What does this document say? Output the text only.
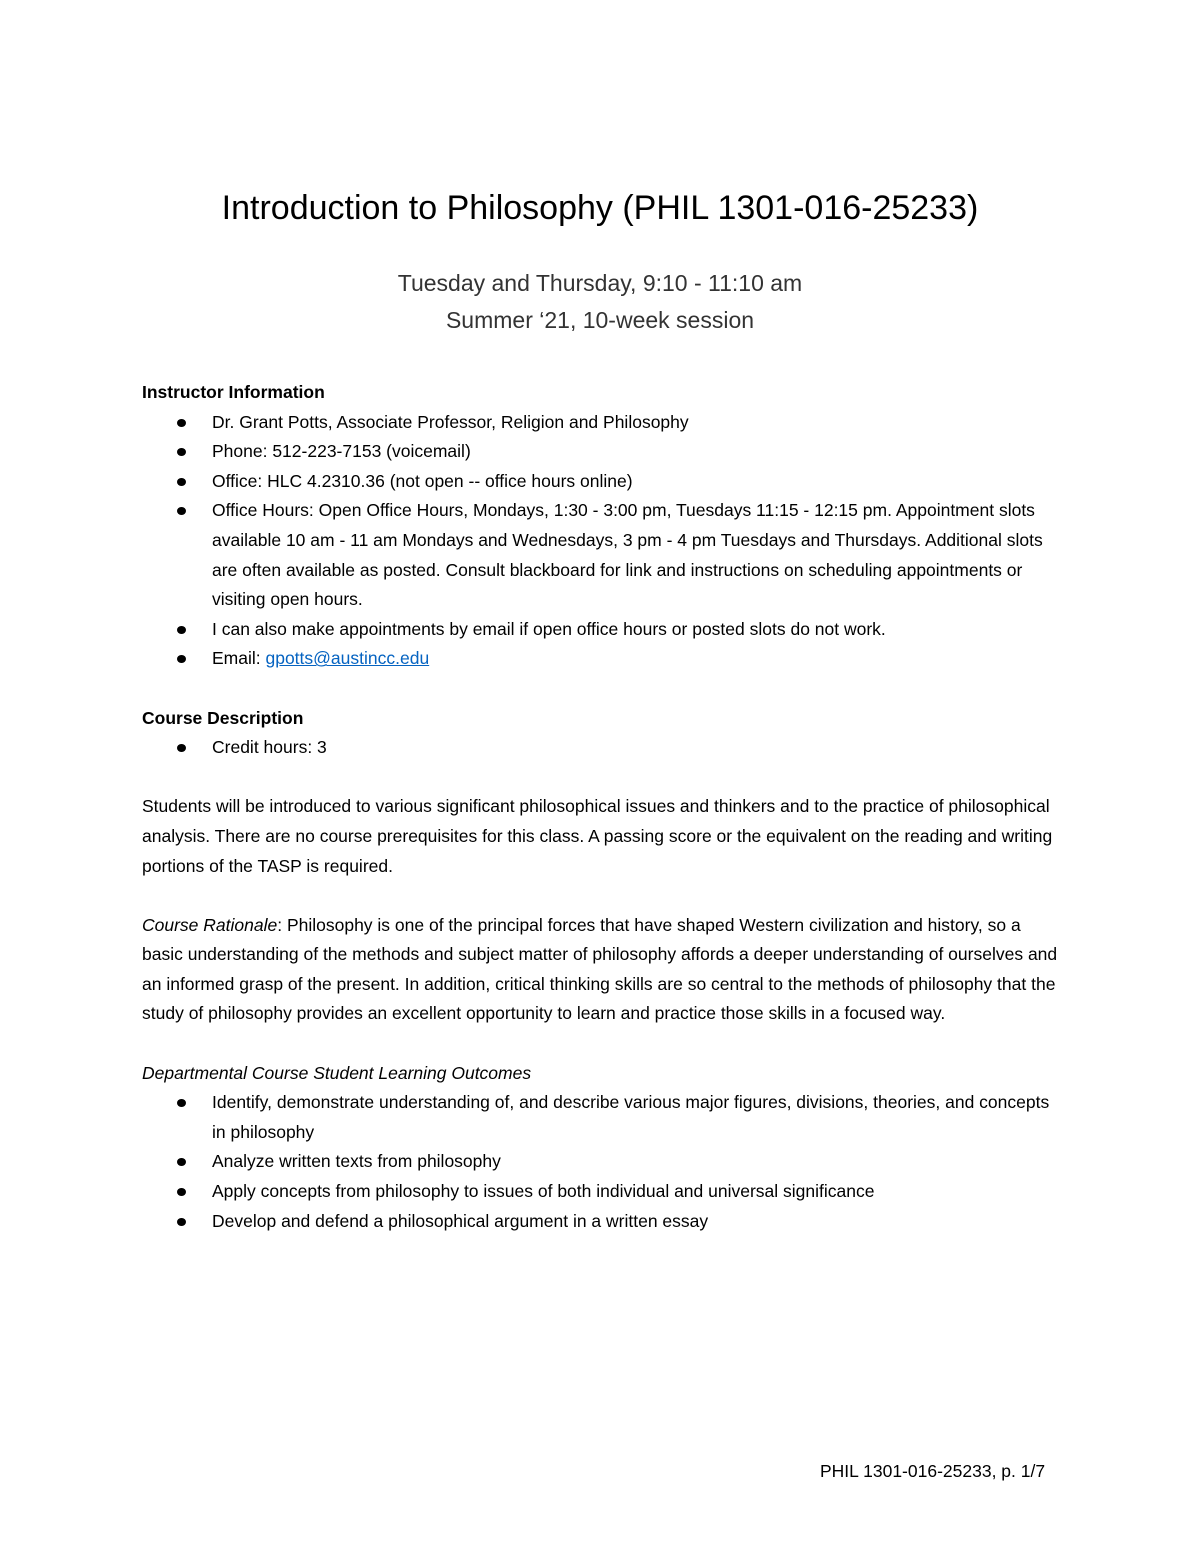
Introduction to Philosophy (PHIL 1301-016-25233)
Tuesday and Thursday, 9:10 - 11:10 am
Summer ‘21, 10-week session
Instructor Information
Dr. Grant Potts, Associate Professor, Religion and Philosophy
Phone: 512-223-7153 (voicemail)
Office: HLC 4.2310.36 (not open -- office hours online)
Office Hours: Open Office Hours, Mondays, 1:30 - 3:00 pm, Tuesdays 11:15 - 12:15 pm. Appointment slots available 10 am - 11 am Mondays and Wednesdays, 3 pm - 4 pm Tuesdays and Thursdays. Additional slots are often available as posted. Consult blackboard for link and instructions on scheduling appointments or visiting open hours.
I can also make appointments by email if open office hours or posted slots do not work.
Email: gpotts@austincc.edu
Course Description
Credit hours: 3

Students will be introduced to various significant philosophical issues and thinkers and to the practice of philosophical analysis. There are no course prerequisites for this class. A passing score or the equivalent on the reading and writing portions of the TASP is required.

Course Rationale: Philosophy is one of the principal forces that have shaped Western civilization and history, so a basic understanding of the methods and subject matter of philosophy affords a deeper understanding of ourselves and an informed grasp of the present. In addition, critical thinking skills are so central to the methods of philosophy that the study of philosophy provides an excellent opportunity to learn and practice those skills in a focused way.

Departmental Course Student Learning Outcomes
Identify, demonstrate understanding of, and describe various major figures, divisions, theories, and concepts in philosophy
Analyze written texts from philosophy
Apply concepts from philosophy to issues of both individual and universal significance
Develop and defend a philosophical argument in a written essay
PHIL 1301-016-25233, p. 1/7
